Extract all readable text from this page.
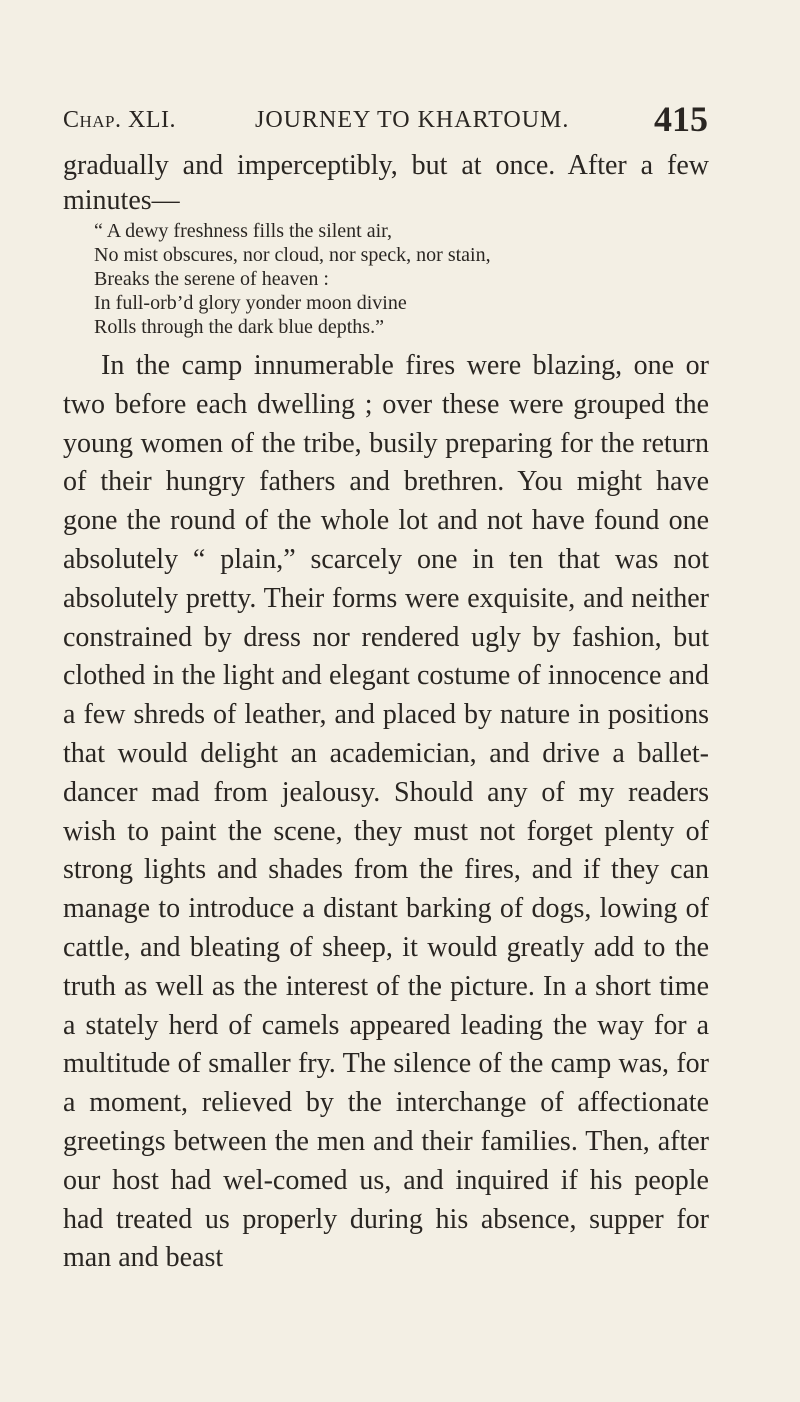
Chap. XLI.	JOURNEY TO KHARTOUM. 415

gradually and imperceptibly, but at once. After a few minutes—

“ A dewy freshness fills the silent air,
No mist obscures, nor cloud, nor speck, nor stain,
Breaks the serene of heaven :
In full-orb’d glory yonder moon divine
Rolls through the dark blue depths.”

In the camp innumerable fires were blazing, one or two before each dwelling ; over these were grouped the young women of the tribe, busily preparing for the return of their hungry fathers and brethren. You might have gone the round of the whole lot and not have found one absolutely “ plain,” scarcely one in ten that was not absolutely pretty. Their forms were exquisite, and neither constrained by dress nor rendered ugly by fashion, but clothed in the light and elegant costume of innocence and a few shreds of leather, and placed by nature in positions that would delight an academician, and drive a ballet-dancer mad from jealousy. Should any of my readers wish to paint the scene, they must not forget plenty of strong lights and shades from the fires, and if they can manage to introduce a distant barking of dogs, lowing of cattle, and bleating of sheep, it would greatly add to the truth as well as the interest of the picture. In a short time a stately herd of camels appeared leading the way for a multitude of smaller fry. The silence of the camp was, for a moment, relieved by the interchange of affectionate greetings between the men and their families. Then, after our host had wel-comed us, and inquired if his people had treated us properly during his absence, supper for man and beast
